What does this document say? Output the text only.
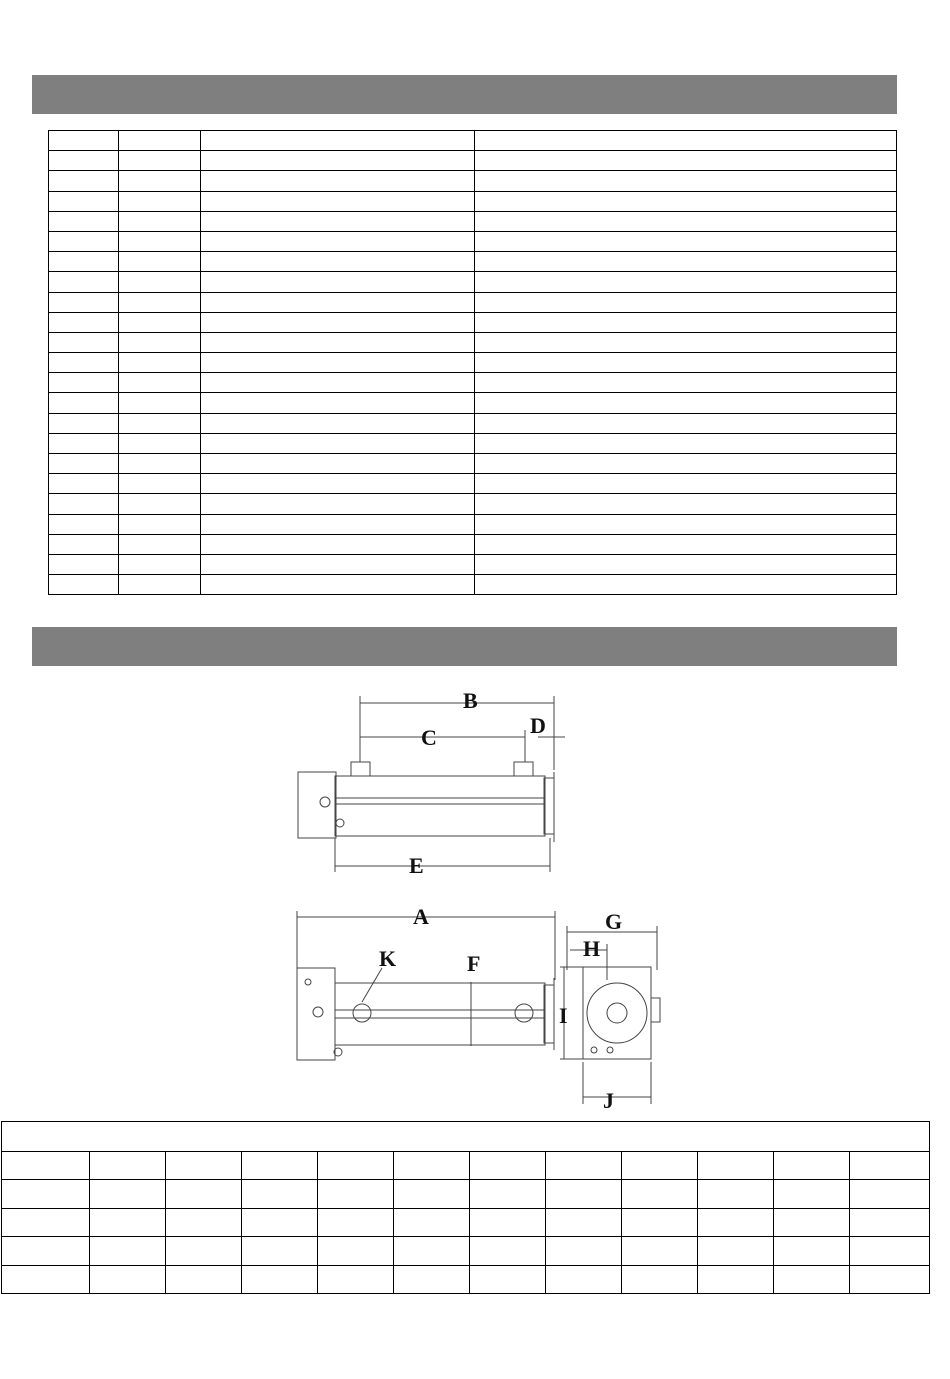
B
C	D
E
A
K	F
G
H
I
J
